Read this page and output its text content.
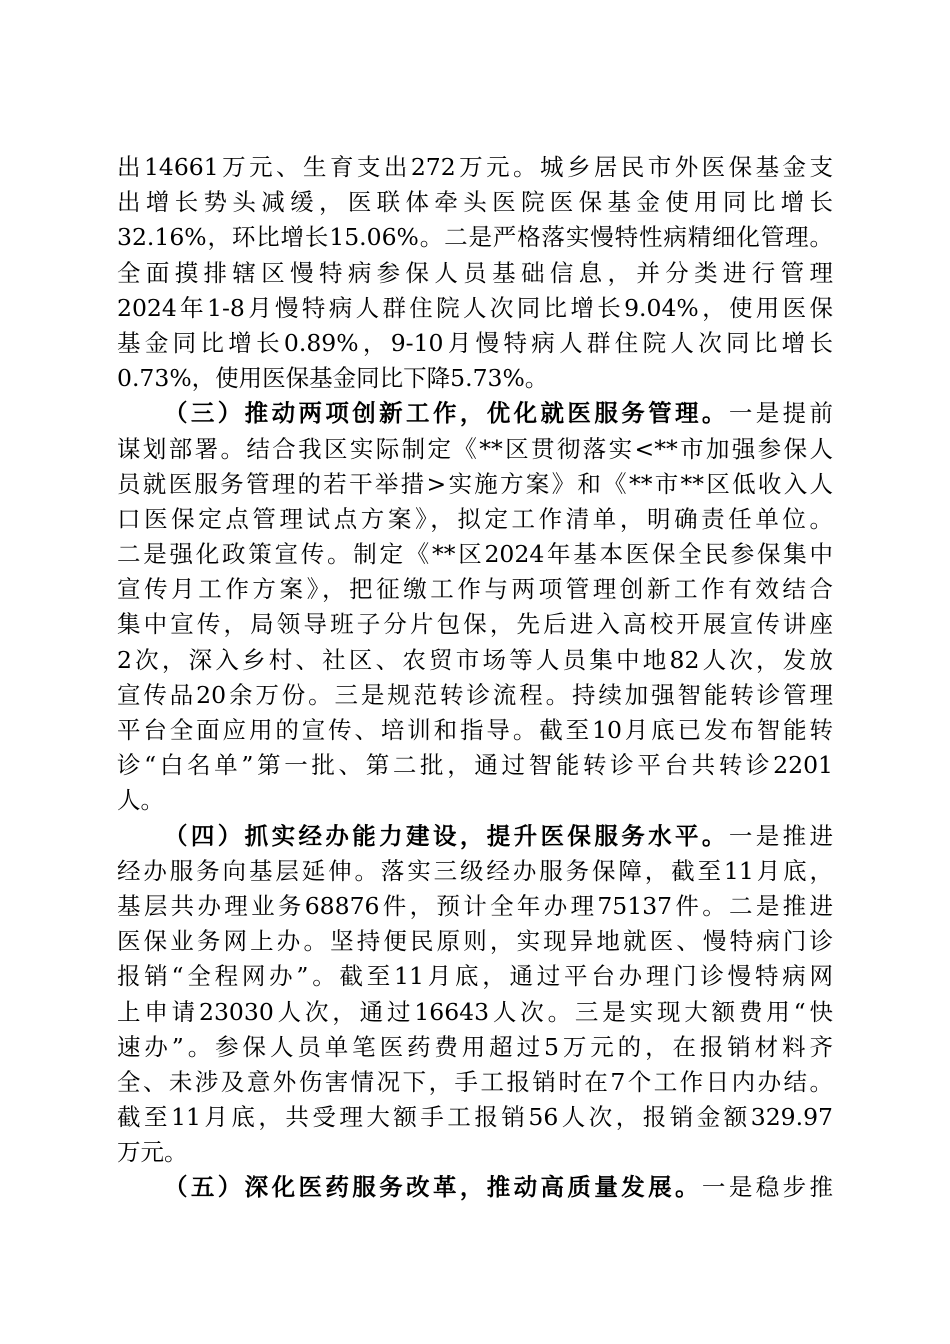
出14661万元、生育支出272万元。城乡居民市外医保基金支
出增长势头减缓，医联体牵头医院医保基金使用同比增长
32.16%，环比增长15.06%。二是严格落实慢特性病精细化管理。
全面摸排辖区慢特病参保人员基础信息，并分类进行管理
2024年1-8月慢特病人群住院人次同比增长9.04%，使用医保
基金同比增长0.89%，9-10月慢特病人群住院人次同比增长
0.73%，使用医保基金同比下降5.73%。
（三）推动两项创新工作，优化就医服务管理。一是提前
谋划部署。结合我区实际制定《**区贯彻落实<**市加强参保人
员就医服务管理的若干举措>实施方案》和《**市**区低收入人
口医保定点管理试点方案》，拟定工作清单，明确责任单位。
二是强化政策宣传。制定《**区2024年基本医保全民参保集中
宣传月工作方案》，把征缴工作与两项管理创新工作有效结合
集中宣传，局领导班子分片包保，先后进入高校开展宣传讲座
2次，深入乡村、社区、农贸市场等人员集中地82人次，发放
宣传品20余万份。三是规范转诊流程。持续加强智能转诊管理
平台全面应用的宣传、培训和指导。截至10月底已发布智能转
诊“白名单”第一批、第二批，通过智能转诊平台共转诊2201
人。
（四）抓实经办能力建设，提升医保服务水平。一是推进
经办服务向基层延伸。落实三级经办服务保障，截至11月底，
基层共办理业务68876件，预计全年办理75137件。二是推进
医保业务网上办。坚持便民原则，实现异地就医、慢特病门诊
报销“全程网办”。截至11月底，通过平台办理门诊慢特病网
上申请23030人次，通过16643人次。三是实现大额费用“快
速办”。参保人员单笔医药费用超过5万元的，在报销材料齐
全、未涉及意外伤害情况下，手工报销时在7个工作日内办结。
截至11月底，共受理大额手工报销56人次，报销金额329.97
万元。
（五）深化医药服务改革，推动高质量发展。一是稳步推
